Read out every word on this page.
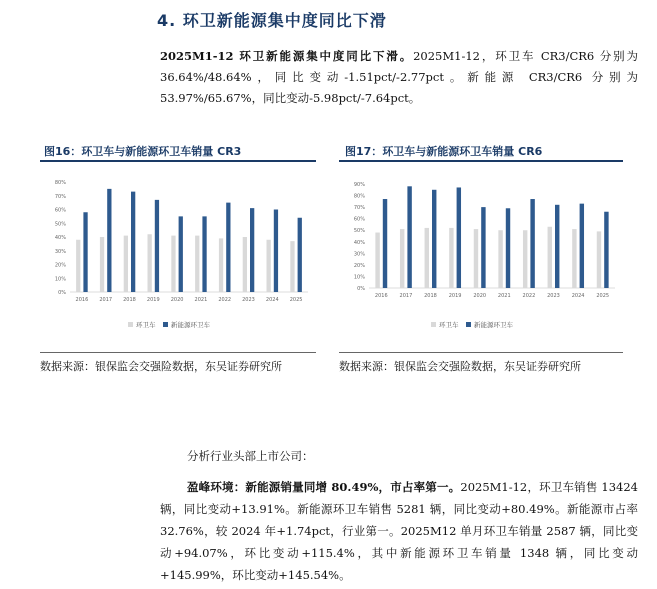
4. 环卫新能源集中度同比下滑
2025M1-12 环卫新能源集中度同比下滑。2025M1-12，环卫车 CR3/CR6 分别为 36.64%/48.64%，同比变动-1.51pct/-2.77pct。新能源 CR3/CR6 分别为 53.97%/65.67%，同比变动-5.98pct/-7.64pct。
图16：环卫车与新能源环卫车销量 CR3	图17：环卫车与新能源环卫车销量 CR6
0%
10%
20%
30%
40%
50%
60%
70%
80%
2016 2017 2018 2019 2020 2021 2022 2023 2024 2025
环卫车 新能源环卫车
0%
10%
20%
30%
40%
50%
60%
70%
80%
90%
2016 2017 2018 2019 2020 2021 2022 2023 2024 2025
环卫车 新能源环卫车
数据来源：银保监会交强险数据，东吴证券研究所	数据来源：银保监会交强险数据，东吴证券研究所
分析行业头部上市公司：
盈峰环境：新能源销量同增 80.49%，市占率第一。2025M1-12，环卫车销售 13424 辆，同比变动+13.91%。新能源环卫车销售 5281 辆，同比变动+80.49%。新能源市占率 32.76%，较 2024 年+1.74pct，行业第一。2025M12 单月环卫车销量 2587 辆，同比变动+94.07%，环比变动+115.4%，其中新能源环卫车销量 1348 辆，同比变动+145.99%，环比变动+145.54%。
